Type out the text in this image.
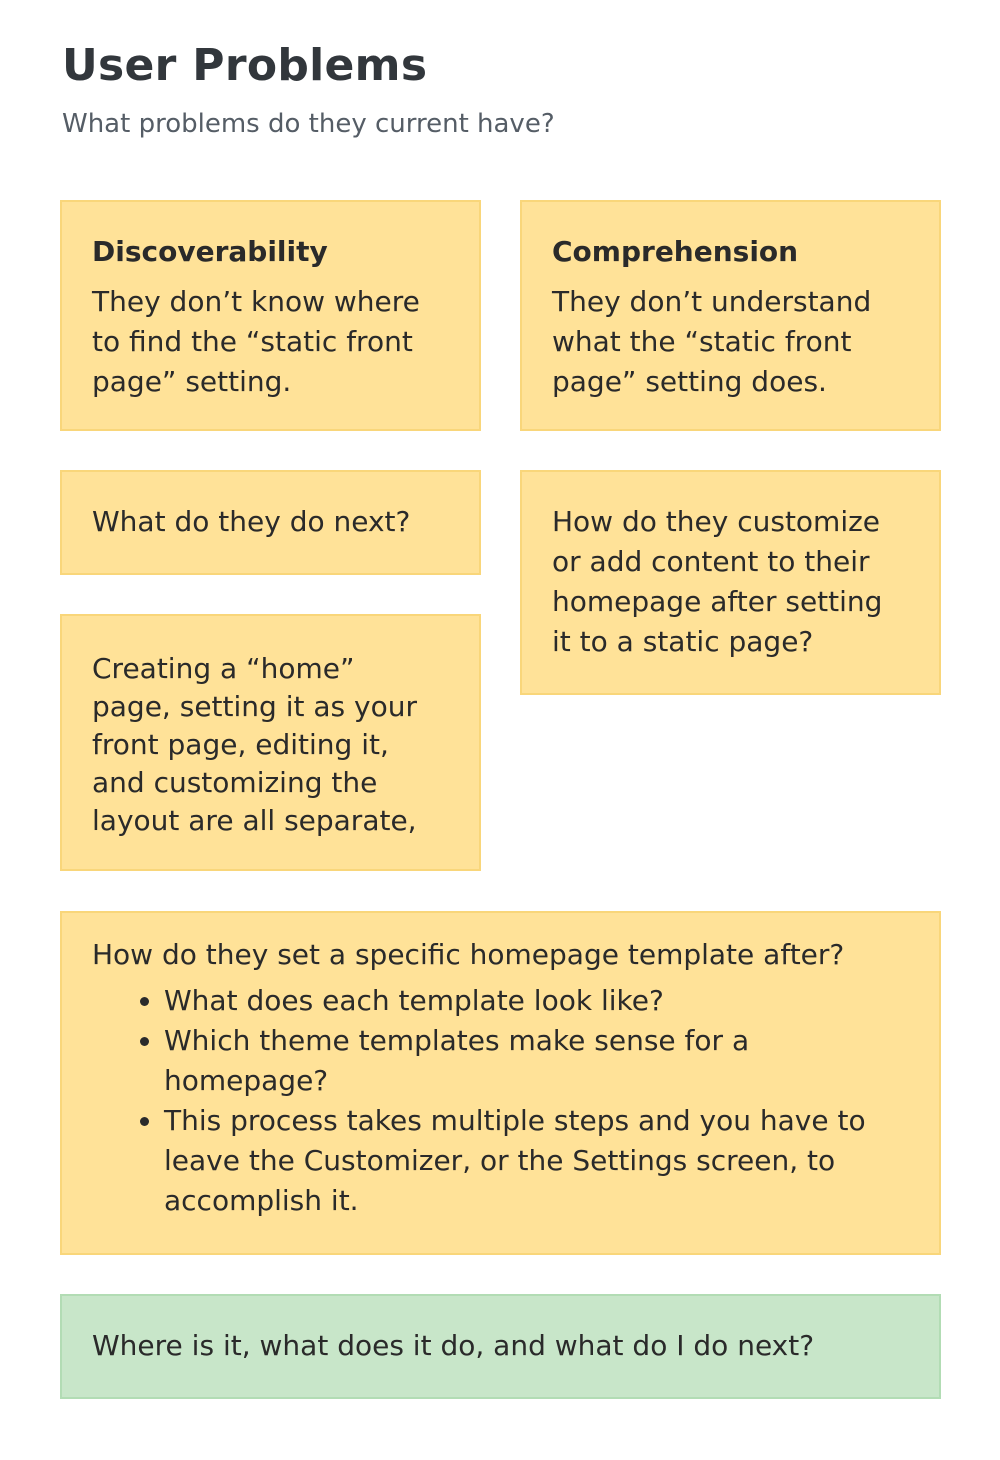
User Problems

What problems do they current have?

Discoverability

They don’t know where to find the “static front page” setting.

Comprehension

They don’t understand what the “static front page” setting does.

What do they do next?	How do they customize or add content to their homepage after setting it to a static page?

Creating a “home” page, setting it as your front page, editing it, and customizing the layout are all separate,

How do they set a specific homepage template after?

• What does each template look like?
• Which theme templates make sense for a homepage?
• This process takes multiple steps and you have to leave the Customizer, or the Settings screen, to accomplish it.

Where is it, what does it do, and what do I do next?
